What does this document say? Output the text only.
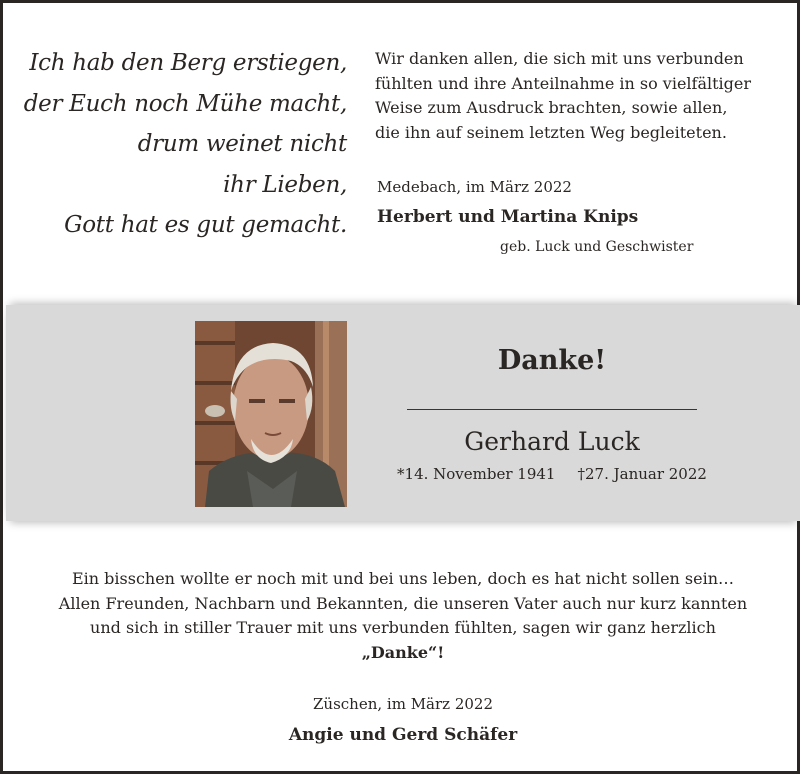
Ich hab den Berg erstiegen,
der Euch noch Mühe macht,
drum weinet nicht
ihr Lieben,
Gott hat es gut gemacht.
Wir danken allen, die sich mit uns verbunden
fühlten und ihre Anteilnahme in so vielfältiger
Weise zum Ausdruck brachten, sowie allen,
die ihn auf seinem letzten Weg begleiteten.
Medebach, im März 2022
Herbert und Martina Knips
geb. Luck und Geschwister
Danke!
Gerhard Luck
*14. November 1941 †27. Januar 2022
Ein bisschen wollte er noch mit und bei uns leben, doch es hat nicht sollen sein…
Allen Freunden, Nachbarn und Bekannten, die unseren Vater auch nur kurz kannten
und sich in stiller Trauer mit uns verbunden fühlten, sagen wir ganz herzlich
„Danke“!
Züschen, im März 2022
Angie und Gerd Schäfer
